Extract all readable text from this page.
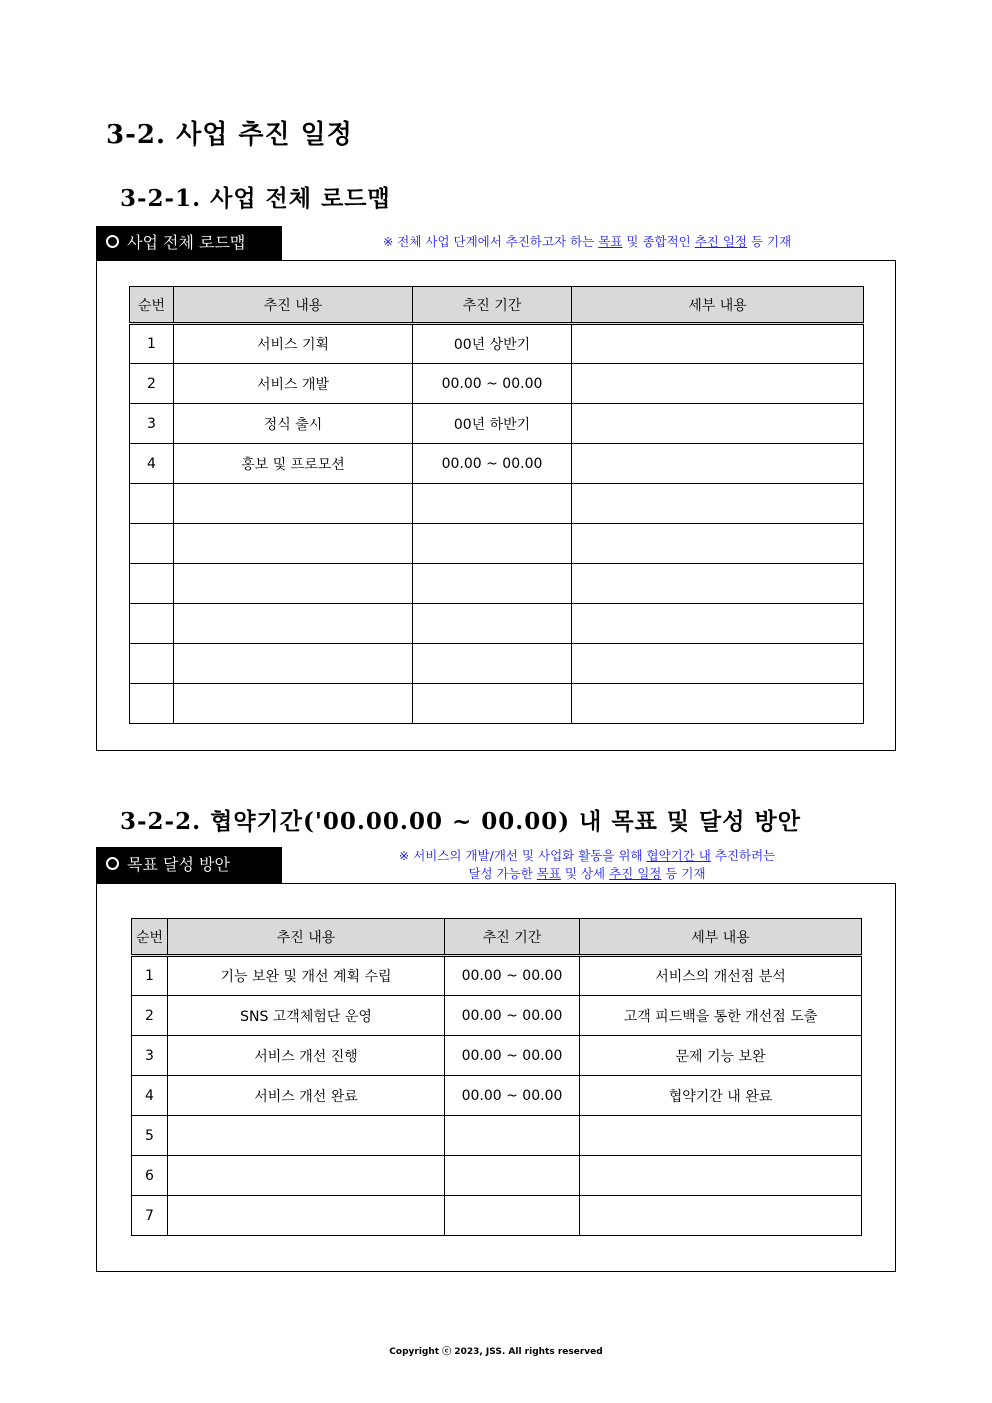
3-2. 사업 추진 일정
3-2-1. 사업 전체 로드맵
사업 전체 로드맵	※ 전체 사업 단계에서 추진하고자 하는 목표 및 종합적인 추진 일정 등 기재
순번	추진 내용	추진 기간	세부 내용
1	서비스 기획	00년 상반기	
2	서비스 개발	00.00 ~ 00.00	
3	정식 출시	00년 하반기	
4	홍보 및 프로모션	00.00 ~ 00.00	

3-2-2. 협약기간('00.00.00 ~ 00.00) 내 목표 및 달성 방안
목표 달성 방안	※ 서비스의 개발/개선 및 사업화 활동을 위해 협약기간 내 추진하려는
달성 가능한 목표 및 상세 추진 일정 등 기재
순번	추진 내용	추진 기간	세부 내용
1	기능 보완 및 개선 계획 수립	00.00 ~ 00.00	서비스의 개선점 분석
2	SNS 고객체험단 운영	00.00 ~ 00.00	고객 피드백을 통한 개선점 도출
3	서비스 개선 진행	00.00 ~ 00.00	문제 기능 보완
4	서비스 개선 완료	00.00 ~ 00.00	협약기간 내 완료
5			
6			
7			
Copyright ⓒ 2023, JSS. All rights reserved
